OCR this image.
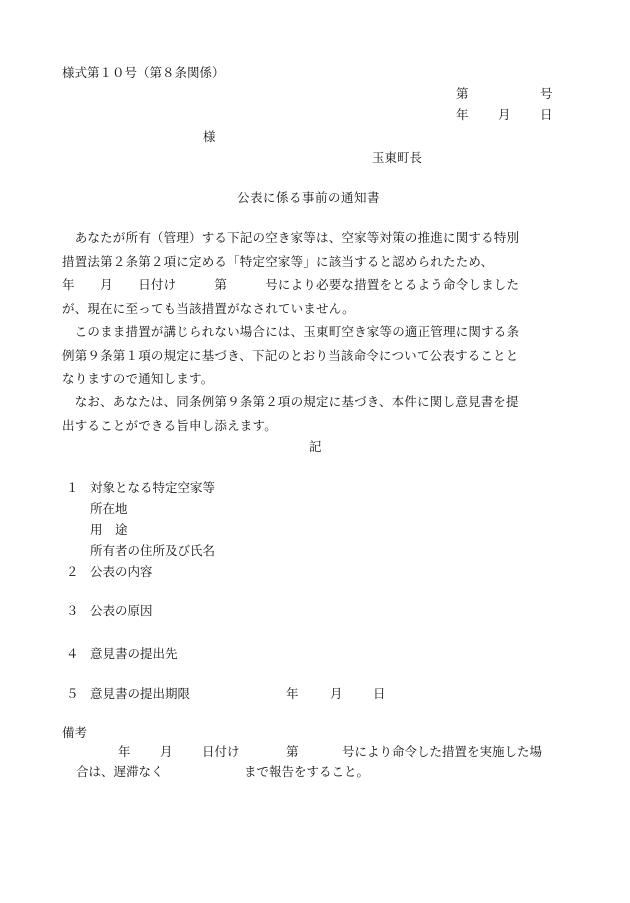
様式第１０号（第８条関係）
第	号
年 月 日
様
玉東町長
公表に係る事前の通知書
　あなたが所有（管理）する下記の空き家等は、空家等対策の推進に関する特別
措置法第２条第２項に定める「特定空家等」に該当すると認められたため、
年　　月　　日付け　　　第　　　号により必要な措置をとるよう命令しました
が、現在に至っても当該措置がなされていません。
　このまま措置が講じられない場合には、玉東町空き家等の適正管理に関する条
例第９条第１項の規定に基づき、下記のとおり当該命令について公表することと
なりますので通知します。
　なお、あなたは、同条例第９条第２項の規定に基づき、本件に関し意見書を提
出することができる旨申し添えます。
記
１ 対象となる特定空家等
所在地
用　途
所有者の住所及び氏名
２ 公表の内容
３ 公表の原因
４ 意見書の提出先
５ 意見書の提出期限	年	月 日
備考
年 月 日付け	第	号により命令した措置を実施した場
合は、遅滞なく	まで報告をすること。
